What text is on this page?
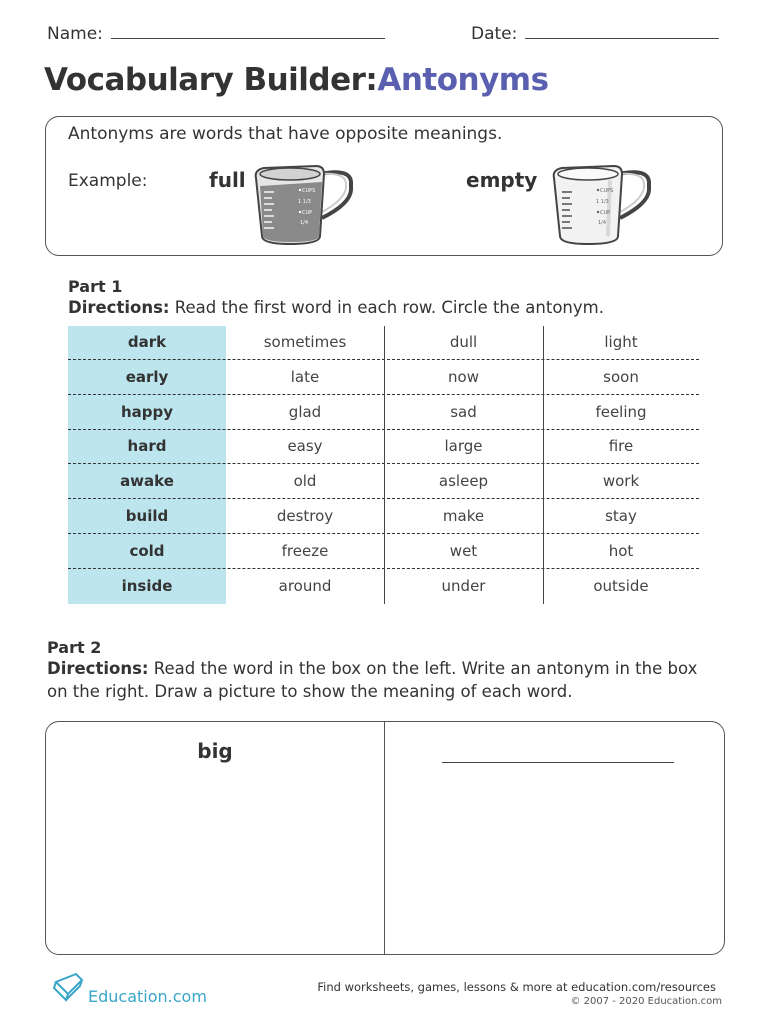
Name:	Date:
Vocabulary Builder:Antonyms
Antonyms are words that have opposite meanings.
Example:	full	empty
CUPS
1 1/3
CUP
1/4
CUPS
1 1/3
CUP
1/4
Part 1
Directions: Read the first word in each row. Circle the antonym.
dark	sometimes	dull	light
early	late	now	soon
happy	glad	sad	feeling
hard	easy	large	fire
awake	old	asleep	work
build	destroy	make	stay
cold	freeze	wet	hot
inside	around	under	outside
Part 2
Directions: Read the word in the box on the left. Write an antonym in the box
on the right. Draw a picture to show the meaning of each word.
big
Education.com	Find worksheets, games, lessons & more at education.com/resources
© 2007 - 2020 Education.com
